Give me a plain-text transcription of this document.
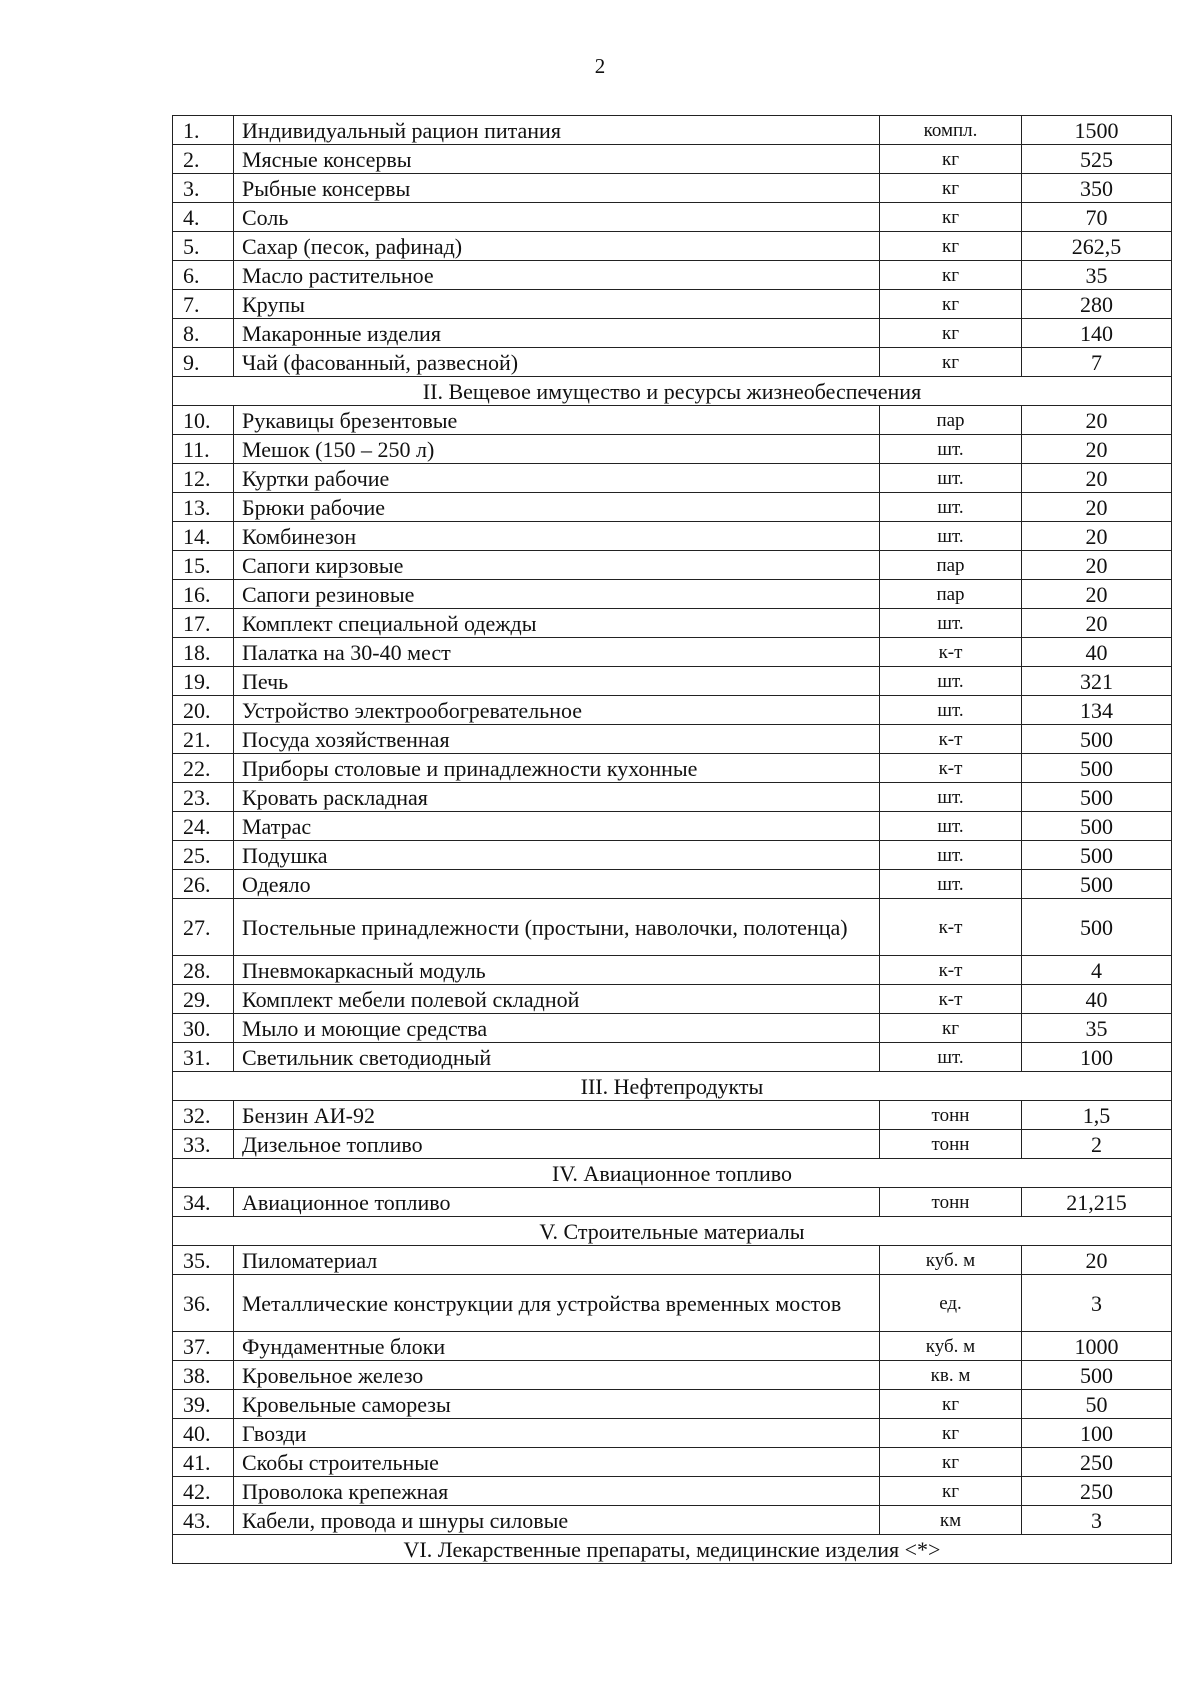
2
1.	Индивидуальный рацион питания	компл.	1500
2.	Мясные консервы	кг	525
3.	Рыбные консервы	кг	350
4.	Соль	кг	70
5.	Сахар (песок, рафинад)	кг	262,5
6.	Масло растительное	кг	35
7.	Крупы	кг	280
8.	Макаронные изделия	кг	140
9.	Чай (фасованный, развесной)	кг	7
II. Вещевое имущество и ресурсы жизнеобеспечения			
10.	Рукавицы брезентовые	пар	20
11.	Мешок (150 – 250 л)	шт.	20
12.	Куртки рабочие	шт.	20
13.	Брюки рабочие	шт.	20
14.	Комбинезон	шт.	20
15.	Сапоги кирзовые	пар	20
16.	Сапоги резиновые	пар	20
17.	Комплект специальной одежды	шт.	20
18.	Палатка на 30-40 мест	к-т	40
19.	Печь	шт.	321
20.	Устройство электрообогревательное	шт.	134
21.	Посуда хозяйственная	к-т	500
22.	Приборы столовые и принадлежности кухонные	к-т	500
23.	Кровать раскладная	шт.	500
24.	Матрас	шт.	500
25.	Подушка	шт.	500
26.	Одеяло	шт.	500
27.	Постельные принадлежности (простыни, наволочки, полотенца)	к-т	500
28.	Пневмокаркасный модуль	к-т	4
29.	Комплект мебели полевой складной	к-т	40
30.	Мыло и моющие средства	кг	35
31.	Светильник светодиодный	шт.	100
III. Нефтепродукты			
32.	Бензин АИ-92	тонн	1,5
33.	Дизельное топливо	тонн	2
IV. Авиационное топливо			
34.	Авиационное топливо	тонн	21,215
V. Строительные материалы			
35.	Пиломатериал	куб. м	20
36.	Металлические конструкции для устройства временных мостов	ед.	3
37.	Фундаментные блоки	куб. м	1000
38.	Кровельное железо	кв. м	500
39.	Кровельные саморезы	кг	50
40.	Гвозди	кг	100
41.	Скобы строительные	кг	250
42.	Проволока крепежная	кг	250
43.	Кабели, провода и шнуры силовые	км	3
VI. Лекарственные препараты, медицинские изделия <*>			
